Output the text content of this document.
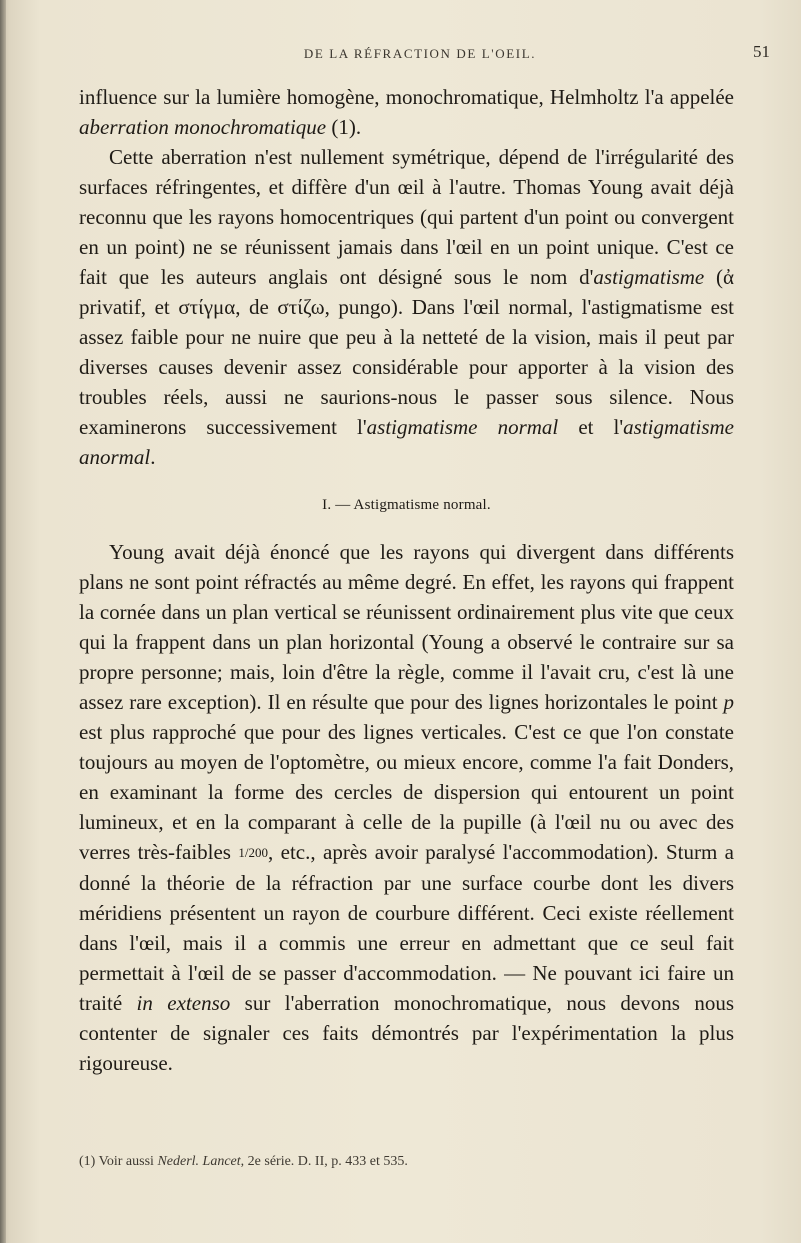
DE LA RÉFRACTION DE L'OEIL.	51

influence sur la lumière homogène, monochromatique, Helmholtz l'a appelée aberration monochromatique (1).

Cette aberration n'est nullement symétrique, dépend de l'irrégularité des surfaces réfringentes, et diffère d'un œil à l'autre. Thomas Young avait déjà reconnu que les rayons homocentriques (qui partent d'un point ou convergent en un point) ne se réunissent jamais dans l'œil en un point unique. C'est ce fait que les auteurs anglais ont désigné sous le nom d'astigmatisme (ἀ privatif, et στίγμα, de στίζω, pungo). Dans l'œil normal, l'astigmatisme est assez faible pour ne nuire que peu à la netteté de la vision, mais il peut par diverses causes devenir assez considérable pour apporter à la vision des troubles réels, aussi ne saurions-nous le passer sous silence. Nous examinerons successivement l'astigmatisme normal et l'astigmatisme anormal.

I. — Astigmatisme normal.

Young avait déjà énoncé que les rayons qui divergent dans différents plans ne sont point réfractés au même degré. En effet, les rayons qui frappent la cornée dans un plan vertical se réunissent ordinairement plus vite que ceux qui la frappent dans un plan horizontal (Young a observé le contraire sur sa propre personne; mais, loin d'être la règle, comme il l'avait cru, c'est là une assez rare exception). Il en résulte que pour des lignes horizontales le point p est plus rapproché que pour des lignes verticales. C'est ce que l'on constate toujours au moyen de l'optomètre, ou mieux encore, comme l'a fait Donders, en examinant la forme des cercles de dispersion qui entourent un point lumineux, et en la comparant à celle de la pupille (à l'œil nu ou avec des verres très-faibles 1/200, etc., après avoir paralysé l'accommodation). Sturm a donné la théorie de la réfraction par une surface courbe dont les divers méridiens présentent un rayon de courbure différent. Ceci existe réellement dans l'œil, mais il a commis une erreur en admettant que ce seul fait permettait à l'œil de se passer d'accommodation. — Ne pouvant ici faire un traité in extenso sur l'aberration monochromatique, nous devons nous contenter de signaler ces faits démontrés par l'expérimentation la plus rigoureuse.

(1) Voir aussi Nederl. Lancet, 2e série. D. II, p. 433 et 535.
